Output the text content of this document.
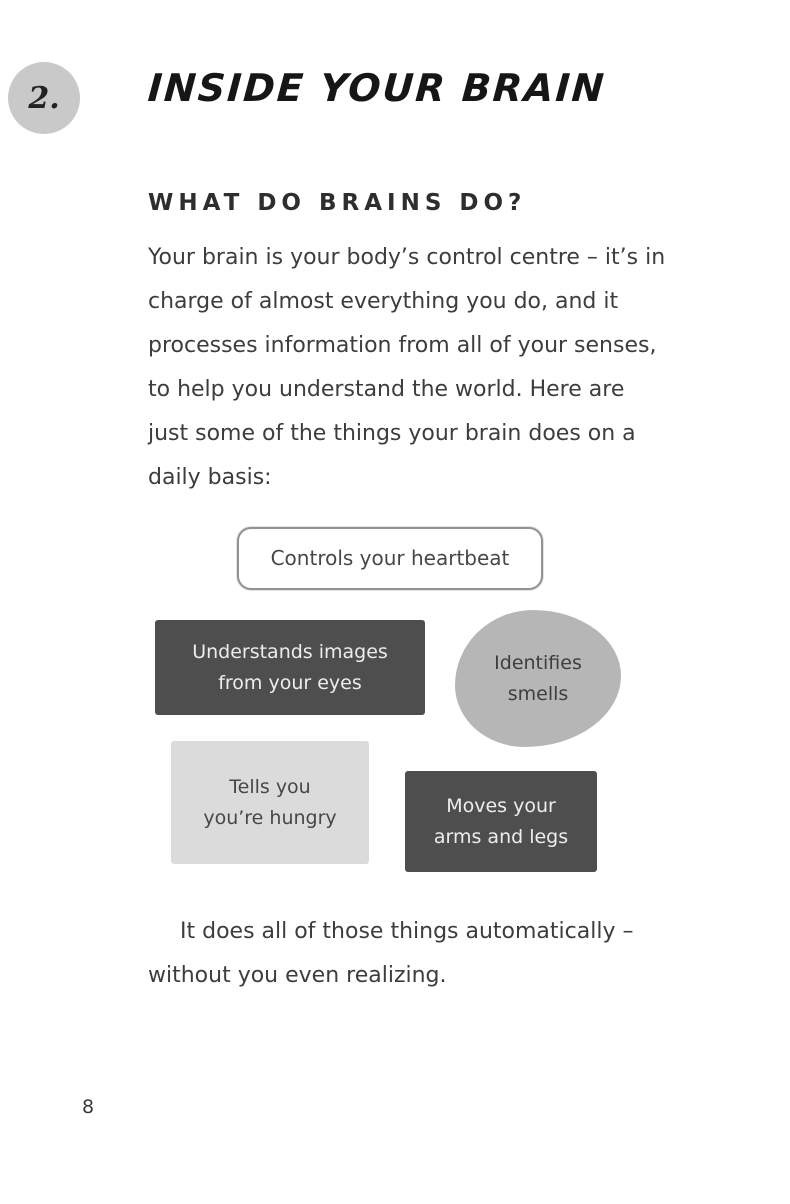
2. INSIDE YOUR BRAIN
WHAT DO BRAINS DO?

Your brain is your body’s control centre – it’s in charge of almost everything you do, and it processes information from all of your senses, to help you understand the world. Here are just some of the things your brain does on a daily basis:

Controls your heartbeat
Understands images from your eyes
Identifies smells
Tells you you’re hungry
Moves your arms and legs

It does all of those things automatically – without you even realizing.

8
